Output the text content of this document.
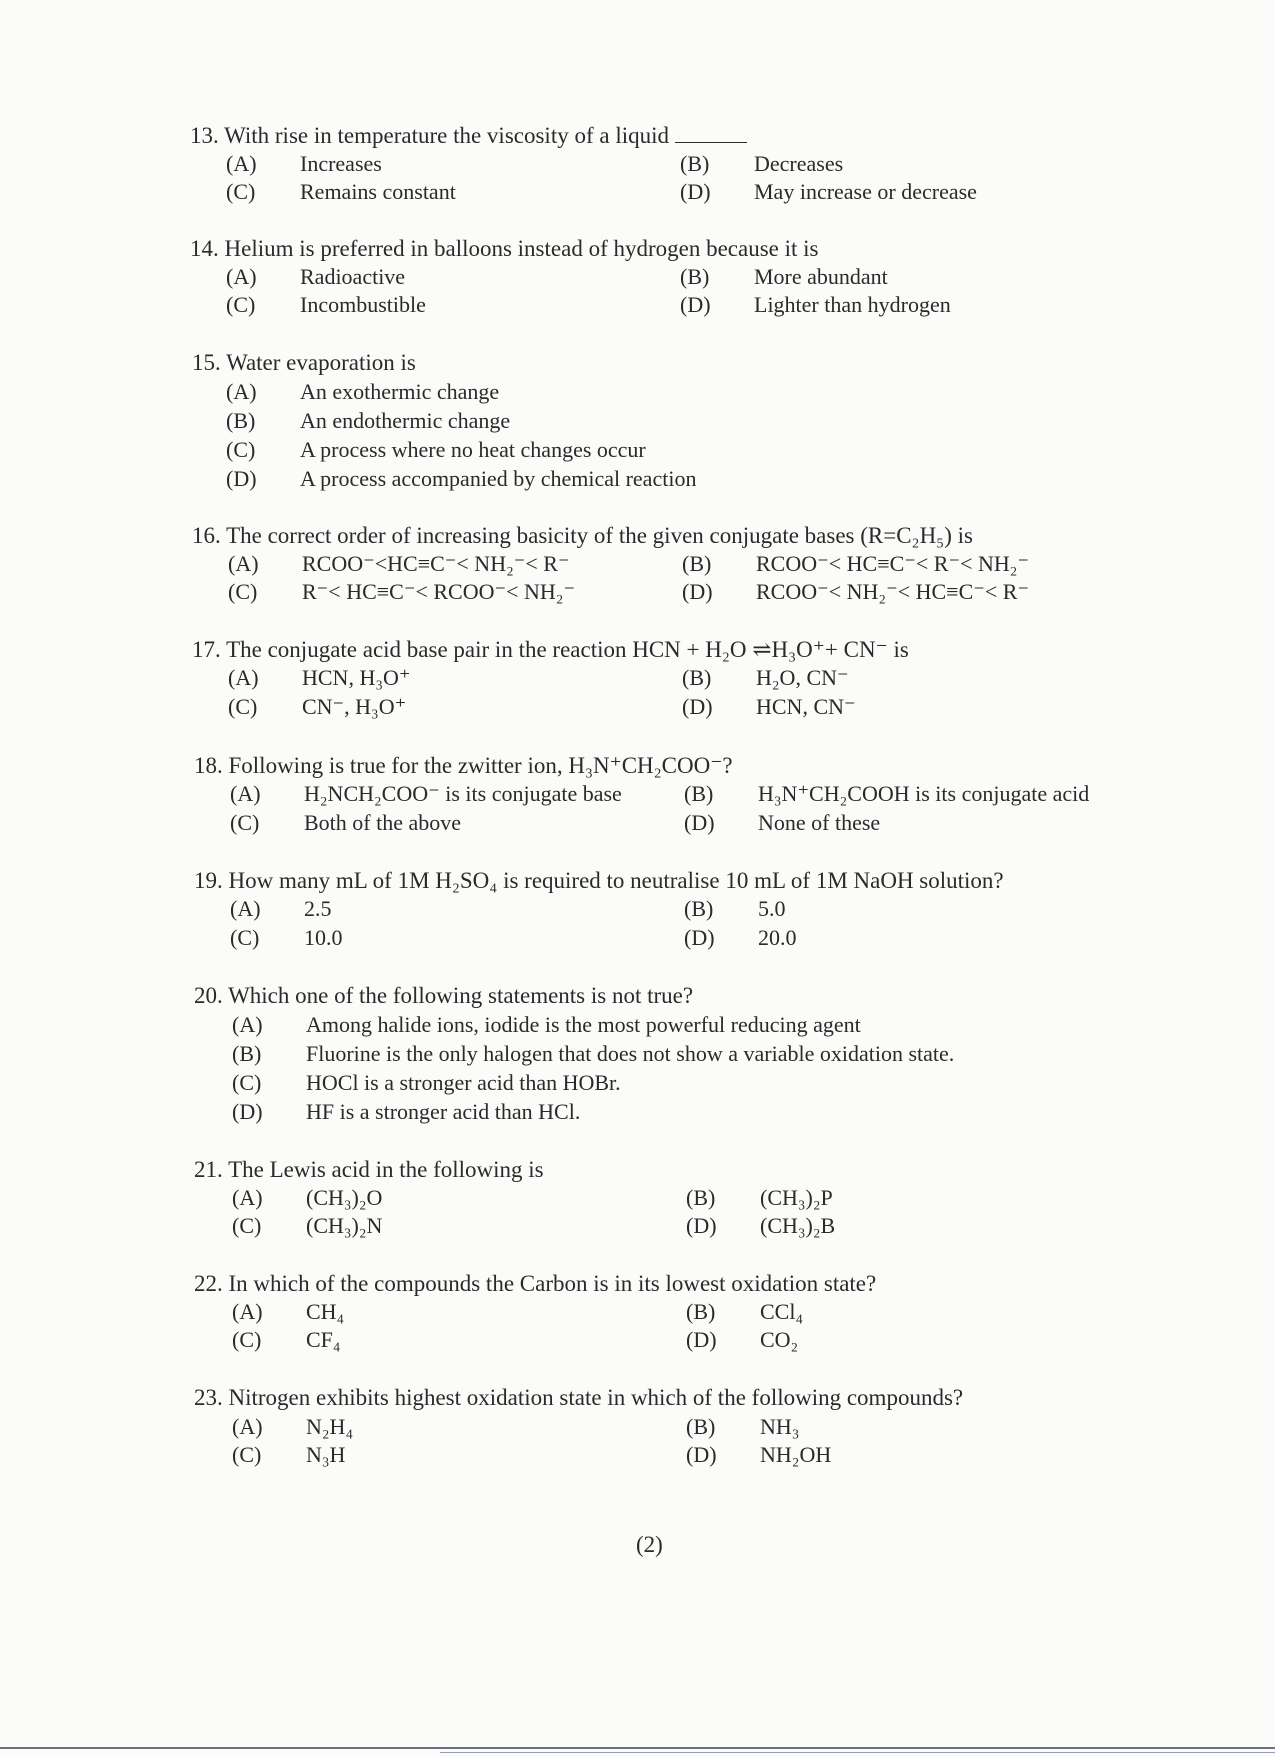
13. With rise in temperature the viscosity of a liquid
(A)	Increases	(B)	Decreases
(C)	Remains constant	(D)	May increase or decrease
14. Helium is preferred in balloons instead of hydrogen because it is
(A)	Radioactive	(B)	More abundant
(C)	Incombustible	(D)	Lighter than hydrogen
15. Water evaporation is
(A)	An exothermic change
(B)	An endothermic change
(C)	A process where no heat changes occur
(D)	A process accompanied by chemical reaction
16. The correct order of increasing basicity of the given conjugate bases (R=C₂H₅) is
(A)	RCOO⁻<HC≡C⁻< NH₂⁻< R⁻	(B)	RCOO⁻< HC≡C⁻< R⁻< NH₂⁻
(C)	R⁻< HC≡C⁻< RCOO⁻< NH₂⁻	(D)	RCOO⁻< NH₂⁻< HC≡C⁻< R⁻
17. The conjugate acid base pair in the reaction HCN + H₂O ⇌H₃O⁺+ CN⁻ is
(A)	HCN, H₃O⁺	(B)	H₂O, CN⁻
(C)	CN⁻, H₃O⁺	(D)	HCN, CN⁻
18. Following is true for the zwitter ion, H₃N⁺CH₂COO⁻?
(A)	H₂NCH₂COO⁻ is its conjugate base	(B)	H₃N⁺CH₂COOH is its conjugate acid
(C)	Both of the above	(D)	None of these
19. How many mL of 1M H₂SO₄ is required to neutralise 10 mL of 1M NaOH solution?
(A)	2.5	(B)	5.0
(C)	10.0	(D)	20.0
20. Which one of the following statements is not true?
(A)	Among halide ions, iodide is the most powerful reducing agent
(B)	Fluorine is the only halogen that does not show a variable oxidation state.
(C)	HOCl is a stronger acid than HOBr.
(D)	HF is a stronger acid than HCl.
21. The Lewis acid in the following is
(A)	(CH₃)₂O	(B)	(CH₃)₂P
(C)	(CH₃)₂N	(D)	(CH₃)₂B
22. In which of the compounds the Carbon is in its lowest oxidation state?
(A)	CH₄	(B)	CCl₄
(C)	CF₄	(D)	CO₂
23. Nitrogen exhibits highest oxidation state in which of the following compounds?
(A)	N₂H₄	(B)	NH₃
(C)	N₃H	(D)	NH₂OH
(2)
